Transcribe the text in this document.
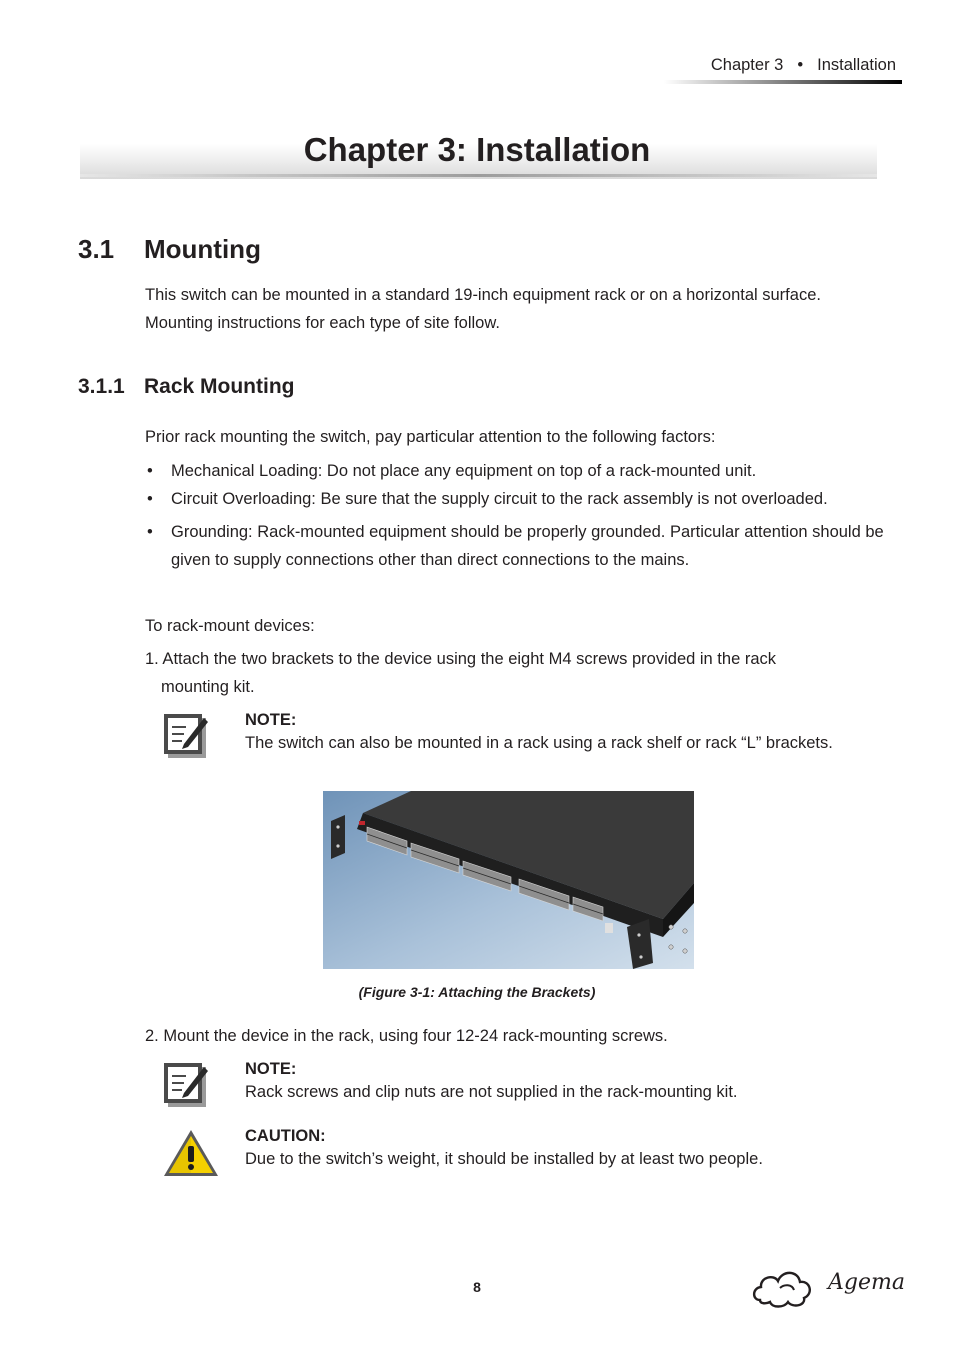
Chapter 3 • Installation
Chapter 3: Installation
3.1 Mounting

This switch can be mounted in a standard 19-inch equipment rack or on a horizontal surface.
Mounting instructions for each type of site follow.

3.1.1 Rack Mounting

Prior rack mounting the switch, pay particular attention to the following factors:

• Mechanical Loading: Do not place any equipment on top of a rack-mounted unit.
• Circuit Overloading: Be sure that the supply circuit to the rack assembly is not overloaded.
• Grounding: Rack-mounted equipment should be properly grounded. Particular attention should be given to supply connections other than direct connections to the mains.

To rack-mount devices:

1. Attach the two brackets to the device using the eight M4 screws provided in the rack
mounting kit.

NOTE:
The switch can also be mounted in a rack using a rack shelf or rack “L” brackets.
(Figure 3-1: Attaching the Brackets)

2. Mount the device in the rack, using four 12-24 rack-mounting screws.

NOTE:
Rack screws and clip nuts are not supplied in the rack-mounting kit.
CAUTION:
Due to the switch’s weight, it should be installed by at least two people.
8	Agema
